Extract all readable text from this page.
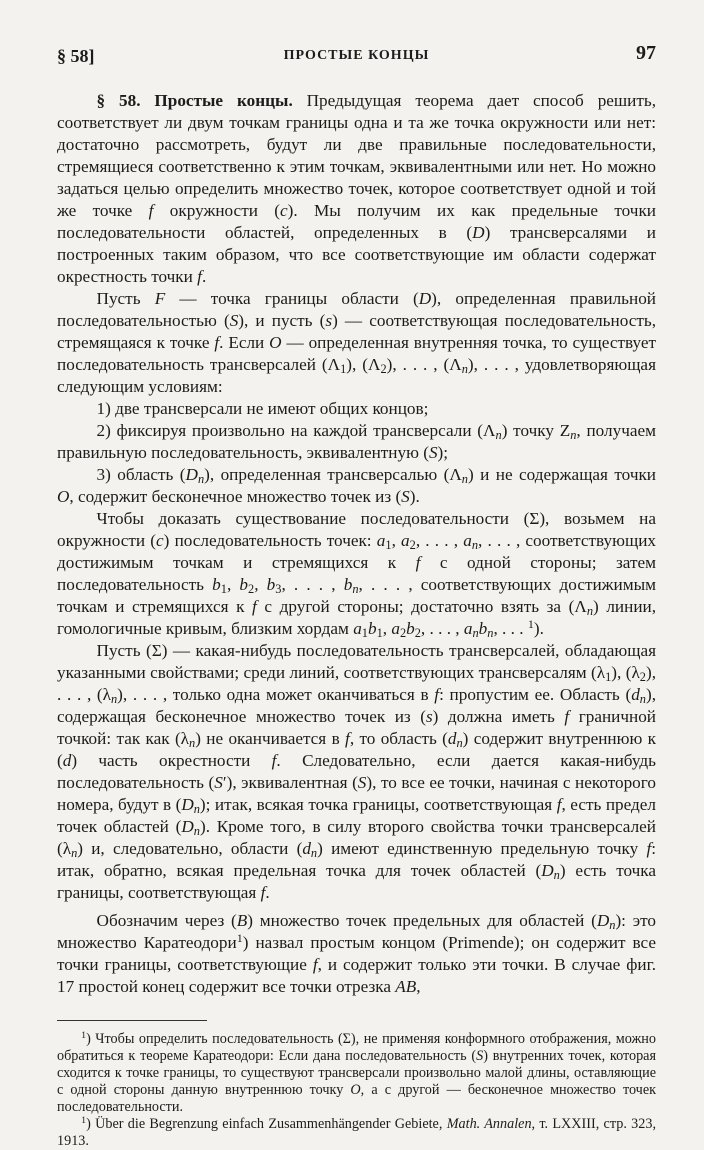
§ 58]	ПРОСТЫЕ КОНЦЫ	97

§ 58. Простые концы. Предыдущая теорема дает способ решить, соответствует ли двум точкам границы одна и та же точка окружности или нет: достаточно рассмотреть, будут ли две правильные последовательности, стремящиеся соответственно к этим точкам, эквивалентными или нет. Но можно задаться целью определить множество точек, которое соответствует одной и той же точке f окружности (c). Мы получим их как предельные точки последовательности областей, определенных в (D) трансверсалями и построенных таким образом, что все соответствующие им области содержат окрестность точки f.

Пусть F — точка границы области (D), определенная правильной последовательностью (S), и пусть (s) — соответствующая последовательность, стремящаяся к точке f. Если O — определенная внутренняя точка, то существует последовательность трансверсалей $(\Lambda_1)$, $(\Lambda_2)$, . . . , $(\Lambda_n)$, . . . , удовлетворяющая следующим условиям:

1) две трансверсали не имеют общих концов;

2) фиксируя произвольно на каждой трансверсали $(\Lambda_n)$ точку $Z_n$, получаем правильную последовательность, эквивалентную (S);

3) область $(D_n)$, определенная трансверсалью $(\Lambda_n)$ и не содержащая точки O, содержит бесконечное множество точек из (S).

Чтобы доказать существование последовательности (Σ), возьмем на окружности (c) последовательность точек: $a_1$, $a_2$, . . . , $a_n$, . . . , соответствующих достижимым точкам и стремящихся к f с одной стороны; затем последовательность $b_1$, $b_2$, $b_3$, . . . , $b_n$, . . . , соответствующих достижимым точкам и стремящихся к f с другой стороны; достаточно взять за $(\Lambda_n)$ линии, гомологичные кривым, близким хордам $a_1b_1$, $a_2b_2$, . . . , $a_nb_n$, . . . $^1$).

Пусть (Σ) — какая-нибудь последовательность трансверсалей, обладающая указанными свойствами; среди линий, соответствующих трансверсалям $(\lambda_1)$, $(\lambda_2)$, . . . , $(\lambda_n)$, . . . , только одна может оканчиваться в f: пропустим ее. Область $(d_n)$, содержащая бесконечное множество точек из (s) должна иметь f граничной точкой: так как $(\lambda_n)$ не оканчивается в f, то область $(d_n)$ содержит внутреннюю к (d) часть окрестности f. Следовательно, если дается какая-нибудь последовательность (S′), эквивалентная (S), то все ее точки, начиная с некоторого номера, будут в $(D_n)$; итак, всякая точка границы, соответствующая f, есть предел точек областей $(D_n)$. Кроме того, в силу второго свойства точки трансверсалей $(\lambda_n)$ и, следовательно, области $(d_n)$ имеют единственную предельную точку f: итак, обратно, всякая предельная точка для точек областей $(D_n)$ есть точка границы, соответствующая f.

Обозначим через (B) множество точек предельных для областей $(D_n)$: это множество Каратеодори$^1$) назвал простым концом (Primende); он содержит все точки границы, соответствующие f, и содержит только эти точки. В случае фиг. 17 простой конец содержит все точки отрезка AB,

$^1$) Чтобы определить последовательность (Σ), не применяя конформного отображения, можно обратиться к теореме Каратеодори: Если дана последовательность (S) внутренних точек, которая сходится к точке границы, то существуют трансверсали произвольно малой длины, оставляющие с одной стороны данную внутреннюю точку O, а с другой — бесконечное множество точек последовательности.

$^1$) Über die Begrenzung einfach Zusammenhängender Gebiete, Math. Annalen, т. LXXIII, стр. 323, 1913.
